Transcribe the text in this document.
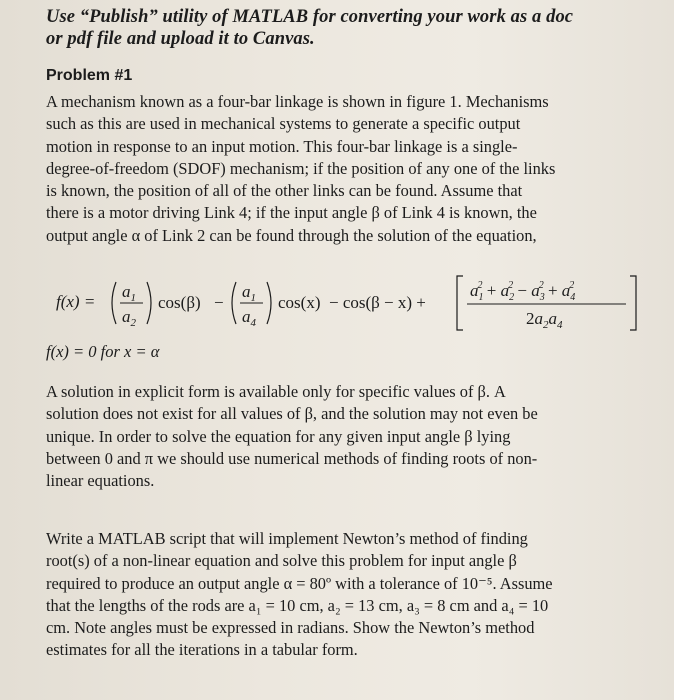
Use “Publish” utility of MATLAB for converting your work as a doc
or pdf file and upload it to Canvas.
Problem #1
A mechanism known as a four-bar linkage is shown in figure 1. Mechanisms
such as this are used in mechanical systems to generate a specific output
motion in response to an input motion. This four-bar linkage is a single-
degree-of-freedom (SDOF) mechanism; if the position of any one of the links
is known, the position of all of the other links can be found. Assume that
there is a motor driving Link 4; if the input angle β of Link 4 is known, the
output angle α of Link 2 can be found through the solution of the equation,
f(x) =
$a_1$
$a_2$
cos(β) −
$a_1$
$a_4$
cos(x) − cos(β − x) +
$a_12 + a_22 - a_32 + a_42$
$2a_2a_4$
f(x) = 0 for x = α
A solution in explicit form is available only for specific values of β. A
solution does not exist for all values of β, and the solution may not even be
unique. In order to solve the equation for any given input angle β lying
between 0 and π we should use numerical methods of finding roots of non-
linear equations.
Write a MATLAB script that will implement Newton’s method of finding
root(s) of a non-linear equation and solve this problem for input angle β
required to produce an output angle α = 80º with a tolerance of 10⁻⁵. Assume
that the lengths of the rods are a₁ = 10 cm, a₂ = 13 cm, a₃ = 8 cm and a₄ = 10
cm. Note angles must be expressed in radians. Show the Newton’s method
estimates for all the iterations in a tabular form.
